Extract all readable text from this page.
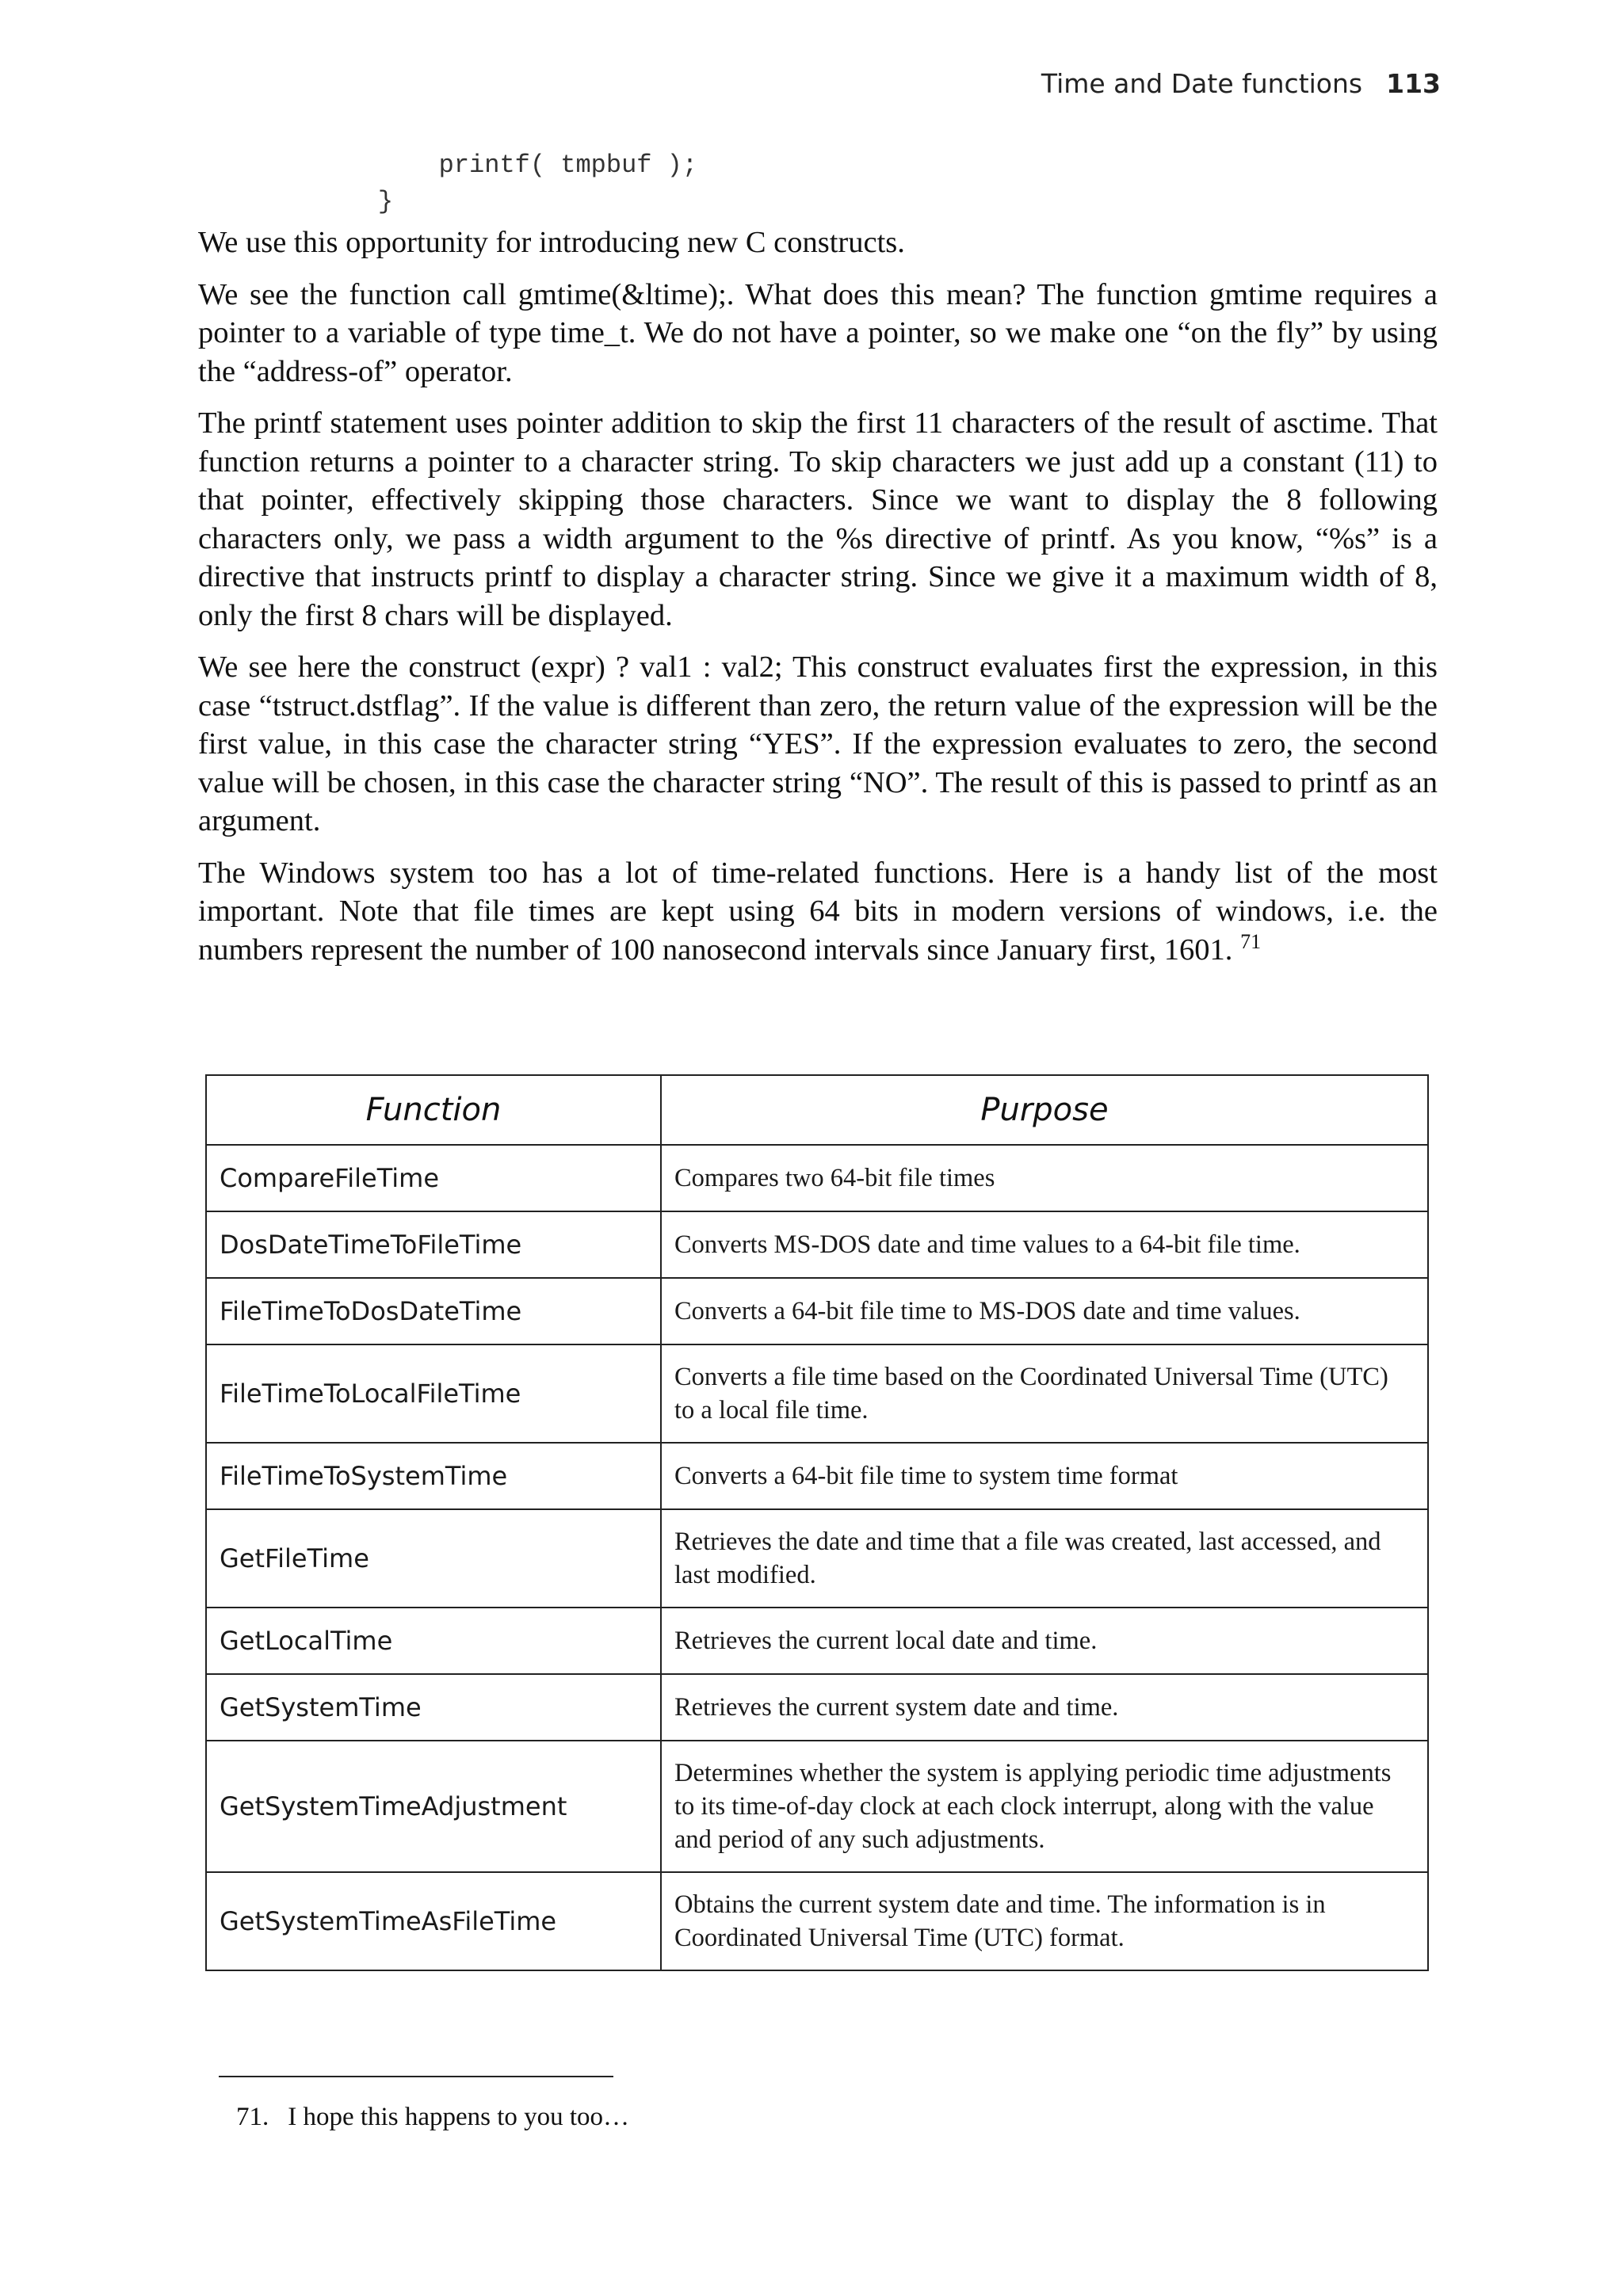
Time and Date functions 113
printf( tmpbuf );
}

We use this opportunity for introducing new C constructs.

We see the function call gmtime(&ltime);. What does this mean? The function gmtime requires a pointer to a variable of type time_t. We do not have a pointer, so we make one “on the fly” by using the “address-of” operator.

The printf statement uses pointer addition to skip the first 11 characters of the result of asctime. That function returns a pointer to a character string. To skip characters we just add up a constant (11) to that pointer, effectively skipping those characters. Since we want to display the 8 following characters only, we pass a width argument to the %s directive of printf. As you know, “%s” is a directive that instructs printf to display a character string. Since we give it a maximum width of 8, only the first 8 chars will be displayed.

We see here the construct (expr) ? val1 : val2; This construct evaluates first the expression, in this case “tstruct.dstflag”. If the value is different than zero, the return value of the expression will be the first value, in this case the character string “YES”. If the expression evaluates to zero, the second value will be chosen, in this case the character string “NO”. The result of this is passed to printf as an argument.

The Windows system too has a lot of time-related functions. Here is a handy list of the most important. Note that file times are kept using 64 bits in modern versions of windows, i.e. the numbers represent the number of 100 nanosecond intervals since January first, 1601. $^{71}$

Function	Purpose
CompareFileTime	Compares two 64-bit file times
DosDateTimeToFileTime	Converts MS-DOS date and time values to a 64-bit file time.
FileTimeToDosDateTime	Converts a 64-bit file time to MS-DOS date and time values.
FileTimeToLocalFileTime	Converts a file time based on the Coordinated Universal Time (UTC) to a local file time.
FileTimeToSystemTime	Converts a 64-bit file time to system time format
GetFileTime	Retrieves the date and time that a file was created, last accessed, and last modified.
GetLocalTime	Retrieves the current local date and time.
GetSystemTime	Retrieves the current system date and time.
GetSystemTimeAdjustment	Determines whether the system is applying periodic time adjustments to its time-of-day clock at each clock interrupt, along with the value and period of any such adjustments.
GetSystemTimeAsFileTime	Obtains the current system date and time. The information is in Coordinated Universal Time (UTC) format.
71. I hope this happens to you too…
